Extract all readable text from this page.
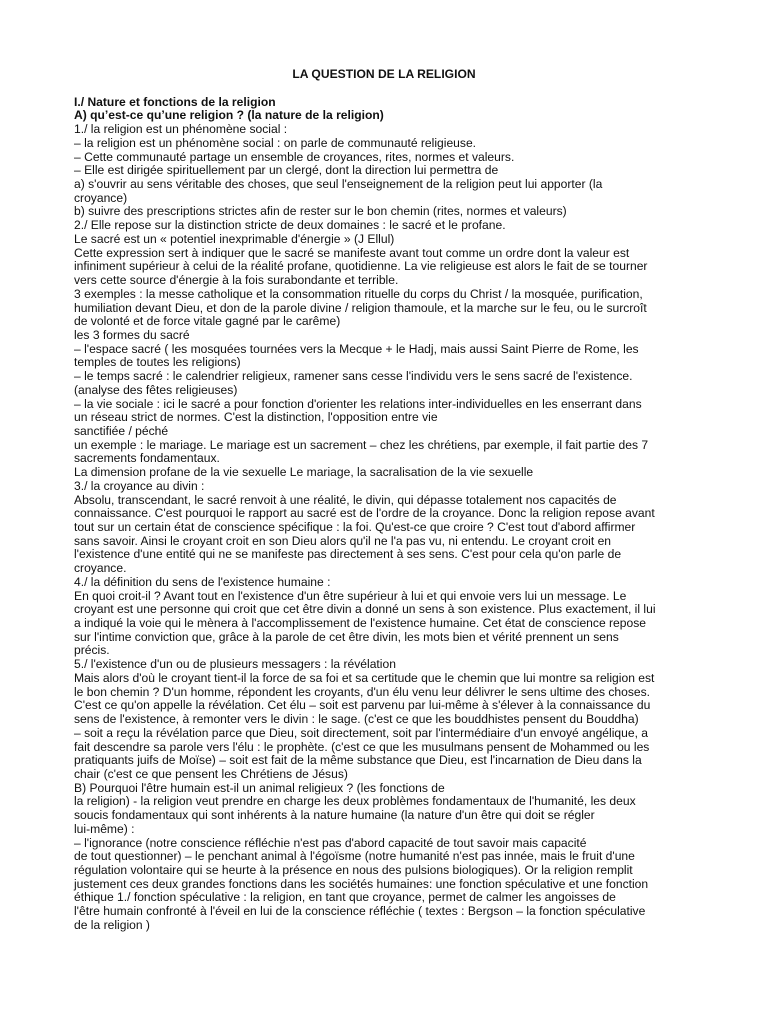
LA QUESTION DE LA RELIGION
I./ Nature et fonctions de la religion
A) qu’est-ce qu’une religion ? (la nature de la religion)
1./ la religion est un phénomène social :
– la religion est un phénomène social : on parle de communauté religieuse.
– Cette communauté partage un ensemble de croyances, rites, normes et valeurs.
– Elle est dirigée spirituellement par un clergé, dont la direction lui permettra de
a) s'ouvrir au sens véritable des choses, que seul l'enseignement de la religion peut lui apporter (la
croyance)
b) suivre des prescriptions strictes afin de rester sur le bon chemin (rites, normes et valeurs)
2./ Elle repose sur la distinction stricte de deux domaines : le sacré et le profane.
Le sacré est un « potentiel inexprimable d'énergie » (J Ellul)
Cette expression sert à indiquer que le sacré se manifeste avant tout comme un ordre dont la valeur est
infiniment supérieur à celui de la réalité profane, quotidienne. La vie religieuse est alors le fait de se tourner
vers cette source d'énergie à la fois surabondante et terrible.
3 exemples : la messe catholique et la consommation rituelle du corps du Christ / la mosquée, purification,
humiliation devant Dieu, et don de la parole divine / religion thamoule, et la marche sur le feu, ou le surcroît
de volonté et de force vitale gagné par le carême)
les 3 formes du sacré
– l'espace sacré ( les mosquées tournées vers la Mecque + le Hadj, mais aussi Saint Pierre de Rome, les
temples de toutes les religions)
– le temps sacré : le calendrier religieux, ramener sans cesse l'individu vers le sens sacré de l'existence.
(analyse des fêtes religieuses)
– la vie sociale : ici le sacré a pour fonction d'orienter les relations inter-individuelles en les enserrant dans
un réseau strict de normes. C'est la distinction, l'opposition entre vie
sanctifiée / péché
un exemple : le mariage. Le mariage est un sacrement – chez les chrétiens, par exemple, il fait partie des 7
sacrements fondamentaux.
La dimension profane de la vie sexuelle Le mariage, la sacralisation de la vie sexuelle
3./ la croyance au divin :
Absolu, transcendant, le sacré renvoit à une réalité, le divin, qui dépasse totalement nos capacités de
connaissance. C'est pourquoi le rapport au sacré est de l'ordre de la croyance. Donc la religion repose avant
tout sur un certain état de conscience spécifique : la foi. Qu'est-ce que croire ? C'est tout d'abord affirmer
sans savoir. Ainsi le croyant croit en son Dieu alors qu'il ne l'a pas vu, ni entendu. Le croyant croit en
l'existence d'une entité qui ne se manifeste pas directement à ses sens. C'est pour cela qu'on parle de
croyance.
4./ la définition du sens de l'existence humaine :
En quoi croit-il ? Avant tout en l'existence d'un être supérieur à lui et qui envoie vers lui un message. Le
croyant est une personne qui croit que cet être divin a donné un sens à son existence. Plus exactement, il lui
a indiqué la voie qui le mènera à l'accomplissement de l'existence humaine. Cet état de conscience repose
sur l'intime conviction que, grâce à la parole de cet être divin, les mots bien et vérité prennent un sens
précis.
5./ l'existence d'un ou de plusieurs messagers : la révélation
Mais alors d'où le croyant tient-il la force de sa foi et sa certitude que le chemin que lui montre sa religion est
le bon chemin ? D'un homme, répondent les croyants, d'un élu venu leur délivrer le sens ultime des choses.
C'est ce qu'on appelle la révélation. Cet élu – soit est parvenu par lui-même à s'élever à la connaissance du
sens de l'existence, à remonter vers le divin : le sage. (c'est ce que les bouddhistes pensent du Bouddha)
– soit a reçu la révélation parce que Dieu, soit directement, soit par l'intermédiaire d'un envoyé angélique, a
fait descendre sa parole vers l'élu : le prophète. (c'est ce que les musulmans pensent de Mohammed ou les
pratiquants juifs de Moïse) – soit est fait de la même substance que Dieu, est l'incarnation de Dieu dans la
chair (c'est ce que pensent les Chrétiens de Jésus)
B) Pourquoi l'être humain est-il un animal religieux ? (les fonctions de
la religion) - la religion veut prendre en charge les deux problèmes fondamentaux de l'humanité, les deux
soucis fondamentaux qui sont inhérents à la nature humaine (la nature d'un être qui doit se régler
lui-même) :
– l'ignorance (notre conscience réfléchie n'est pas d'abord capacité de tout savoir mais capacité
de tout questionner) – le penchant animal à l'égoïsme (notre humanité n'est pas innée, mais le fruit d'une
régulation volontaire qui se heurte à la présence en nous des pulsions biologiques). Or la religion remplit
justement ces deux grandes fonctions dans les sociétés humaines: une fonction spéculative et une fonction
éthique 1./ fonction spéculative : la religion, en tant que croyance, permet de calmer les angoisses de
l'être humain confronté à l'éveil en lui de la conscience réfléchie ( textes : Bergson – la fonction spéculative
de la religion )
